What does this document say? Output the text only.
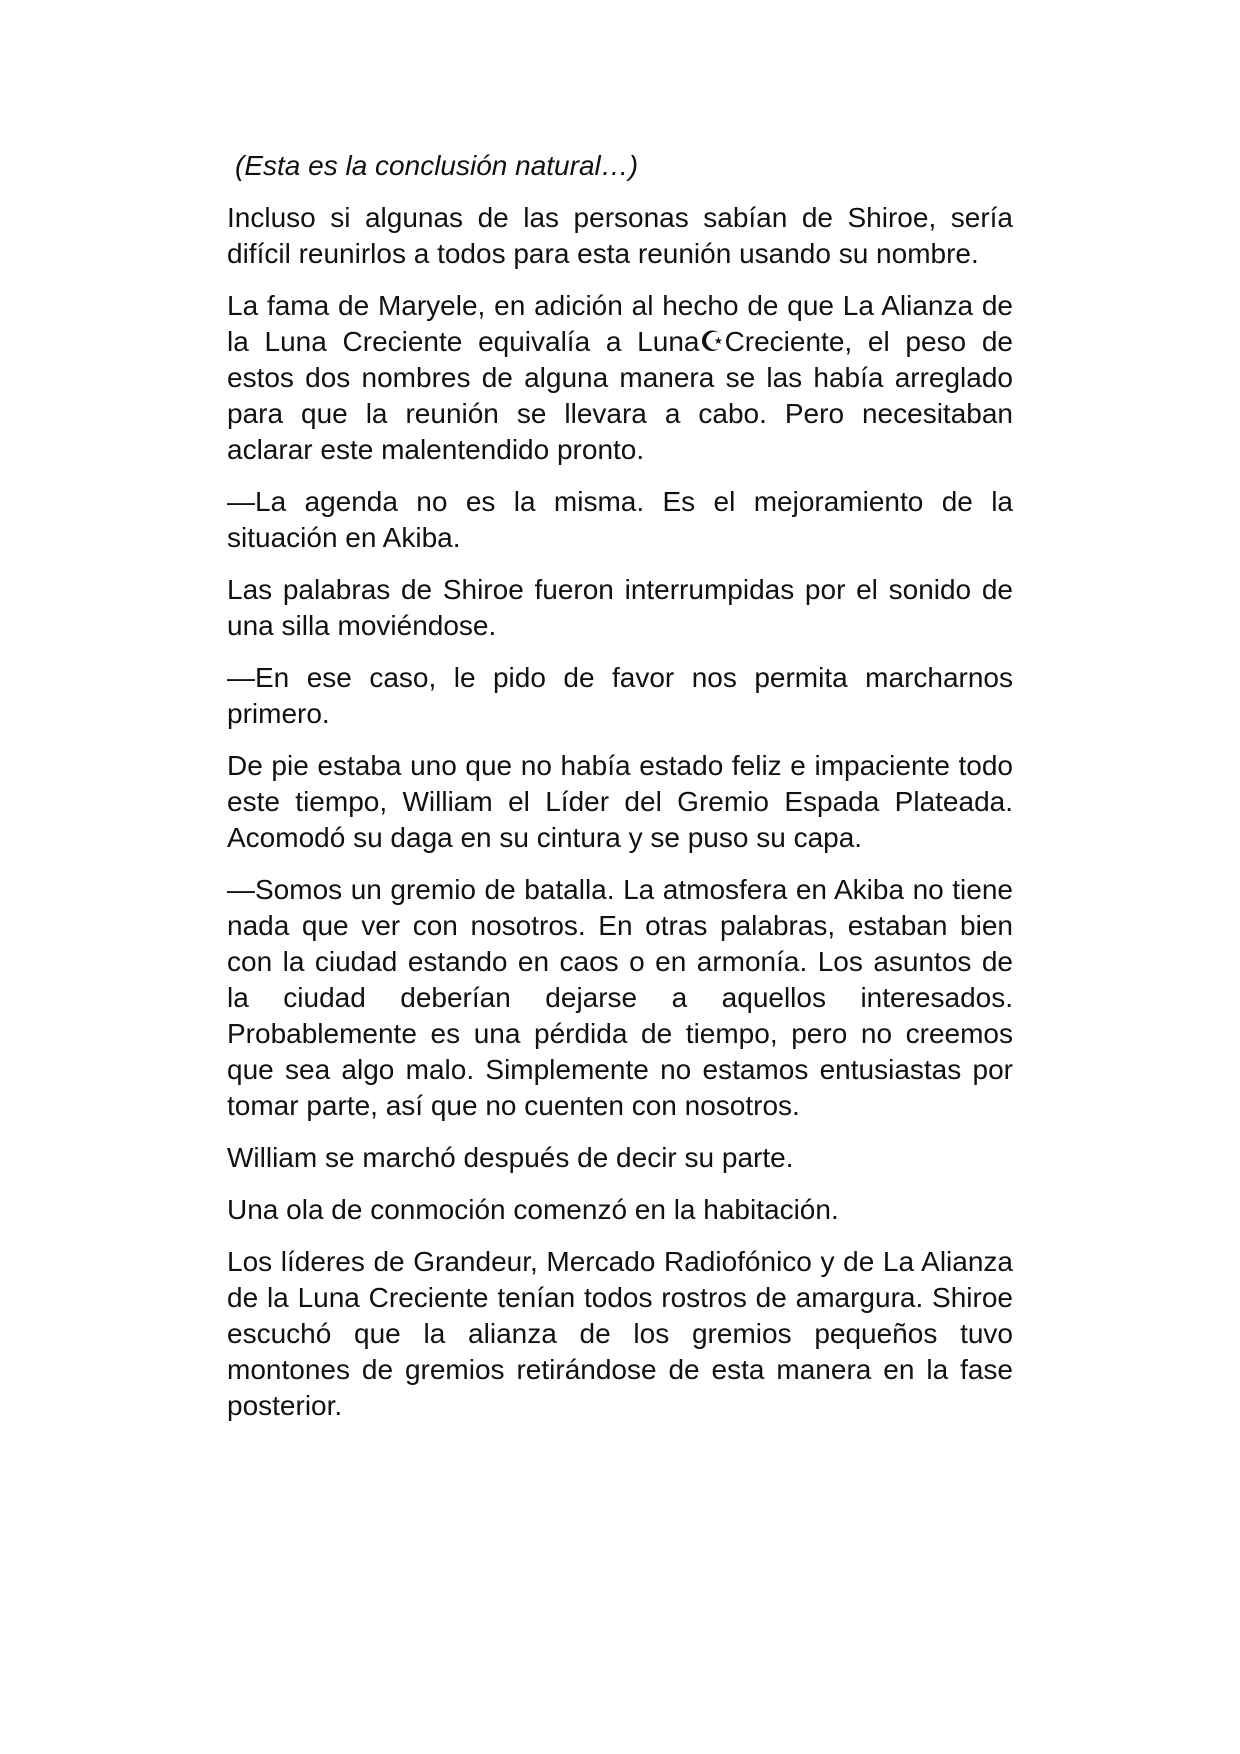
(Esta es la conclusión natural…)

Incluso si algunas de las personas sabían de Shiroe, sería difícil reunirlos a todos para esta reunión usando su nombre.

La fama de Maryele, en adición al hecho de que La Alianza de la Luna Creciente equivalía a Luna☪Creciente, el peso de estos dos nombres de alguna manera se las había arreglado para que la reunión se llevara a cabo. Pero necesitaban aclarar este malentendido pronto.

—La agenda no es la misma. Es el mejoramiento de la situación en Akiba.

Las palabras de Shiroe fueron interrumpidas por el sonido de una silla moviéndose.

—En ese caso, le pido de favor nos permita marcharnos primero.

De pie estaba uno que no había estado feliz e impaciente todo este tiempo, William el Líder del Gremio Espada Plateada. Acomodó su daga en su cintura y se puso su capa.

—Somos un gremio de batalla. La atmosfera en Akiba no tiene nada que ver con nosotros. En otras palabras, estaban bien con la ciudad estando en caos o en armonía. Los asuntos de la ciudad deberían dejarse a aquellos interesados. Probablemente es una pérdida de tiempo, pero no creemos que sea algo malo. Simplemente no estamos entusiastas por tomar parte, así que no cuenten con nosotros.

William se marchó después de decir su parte.

Una ola de conmoción comenzó en la habitación.

Los líderes de Grandeur, Mercado Radiofónico y de La Alianza de la Luna Creciente tenían todos rostros de amargura. Shiroe escuchó que la alianza de los gremios pequeños tuvo montones de gremios retirándose de esta manera en la fase posterior.
